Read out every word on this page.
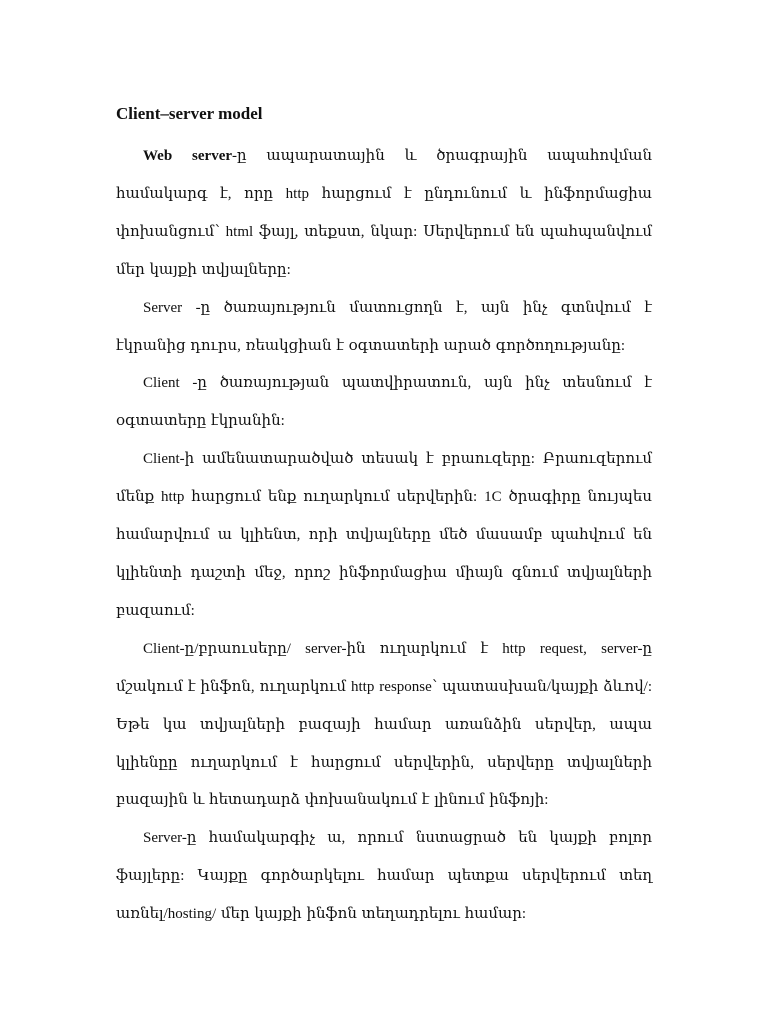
Client–server model

Web server-ը ապարատային և ծրագրային ապահովման համակարգ է, որը http հարցում է ընդունում և ինֆորմացիա փոխանցում՝ html ֆայլ, տեքստ, նկար: Սերվերում են պահպանվում մեր կայքի տվյալները:

Server -ը ծառայություն մատուցողն է, այն ինչ գտնվում է էկրանից դուրս, ռեակցիան է օգտատերի արած գործողությանը:

Client -ը ծառայության պատվիրատուն, այն ինչ տեսնում է օգտատերը էկրանին:

Client-ի ամենատարածված տեսակ է բրաուզերը: Բրաուզերում մենք http հարցում ենք ուղարկում սերվերին: 1C ծրագիրը նույպես համարվում ա կլիենտ, որի տվյալները մեծ մասամբ պահվում են կլիենտի դաշտի մեջ, որոշ ինֆորմացիա միայն գնում տվյալների բազաում:

Client-ը/բրաուսերը/ server-ին ուղարկում է http request, server-ը մշակում է ինֆոն, ուղարկում http response՝ պատասխան/կայքի ձևով/: Եթե կա տվյալների բազայի համար առանձին սերվեր, ապա կլիենըը ուղարկում է հարցում սերվերին, սերվերը տվյալների բազային և հետադարձ փոխանակում է լինում ինֆոյի:

Server-ը համակարգիչ ա, որում նստացրած են կայքի բոլոր ֆայլերը: Կայքը գործարկելու համար պետքա սերվերում տեղ առնել/hosting/ մեր կայքի ինֆոն տեղադրելու համար:
